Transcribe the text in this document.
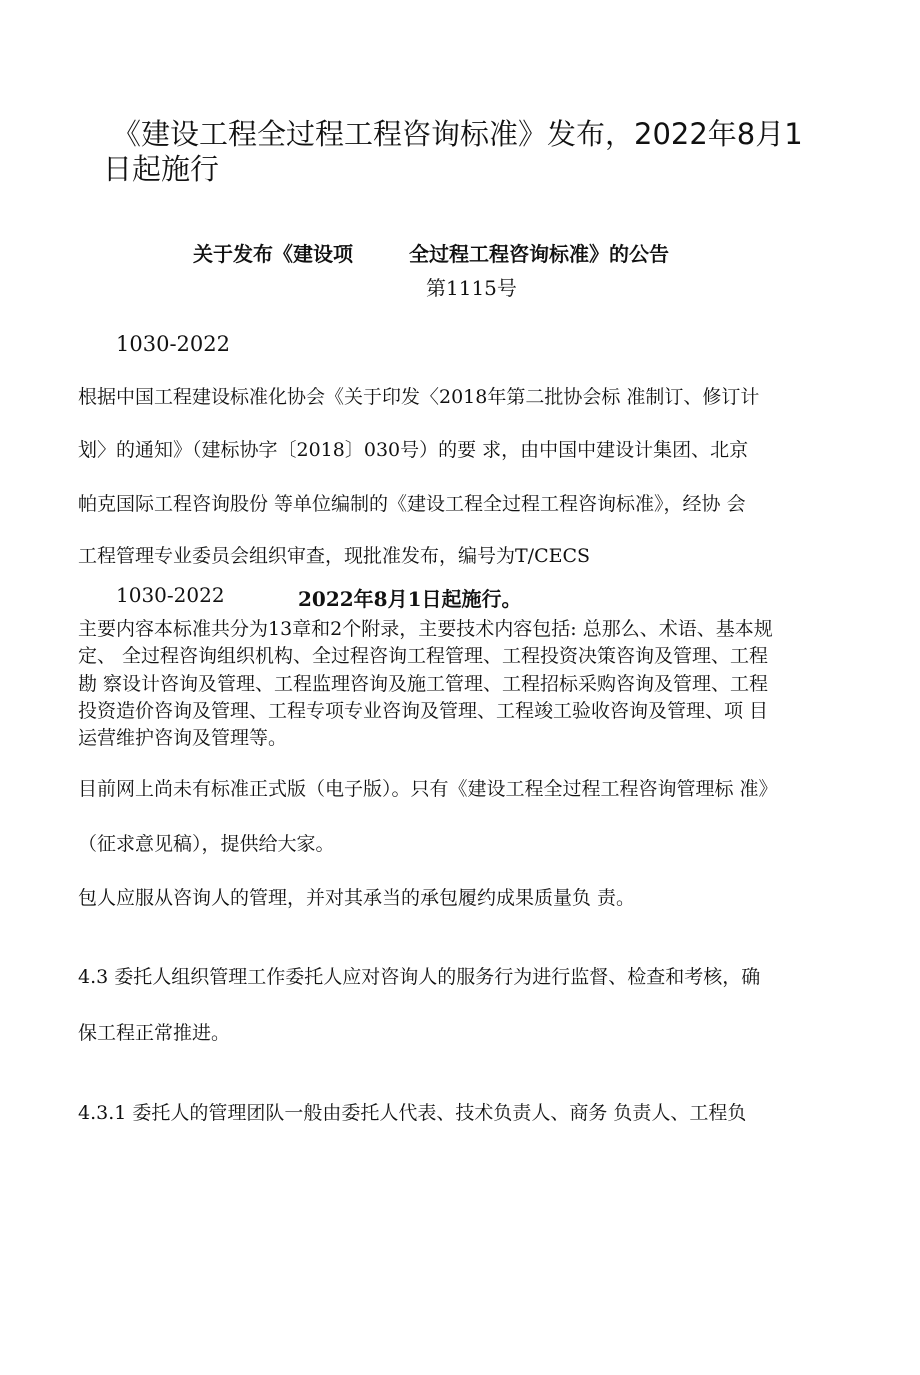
《建设工程全过程工程咨询标准》发布，2022年8月1
日起施行
关于发布《建设项	全过程工程咨询标准》的公告
第1115号
1030-2022
根据中国工程建设标准化协会《关于印发〈2018年第二批协会标 准制订、修订计
划〉的通知》（建标协字〔2018〕030号）的要 求，由中国中建设计集团、北京
帕克国际工程咨询股份 等单位编制的《建设工程全过程工程咨询标准》，经协 会
工程管理专业委员会组织审查，现批准发布，编号为T/CECS
1030-2022	2022年8月1日起施行。
主要内容本标准共分为13章和2个附录，主要技术内容包括: 总那么、术语、基本规
定、 全过程咨询组织机构、全过程咨询工程管理、工程投资决策咨询及管理、工程
勘 察设计咨询及管理、工程监理咨询及施工管理、工程招标采购咨询及管理、工程
投资造价咨询及管理、工程专项专业咨询及管理、工程竣工验收咨询及管理、项 目
运营维护咨询及管理等。
目前网上尚未有标准正式版（电子版）。只有《建设工程全过程工程咨询管理标 准》
（征求意见稿），提供给大家。
包人应服从咨询人的管理，并对其承当的承包履约成果质量负 责。
4.3 委托人组织管理工作委托人应对咨询人的服务行为进行监督、检查和考核，确
保工程正常推进。
4.3.1 委托人的管理团队一般由委托人代表、技术负责人、商务 负责人、工程负
